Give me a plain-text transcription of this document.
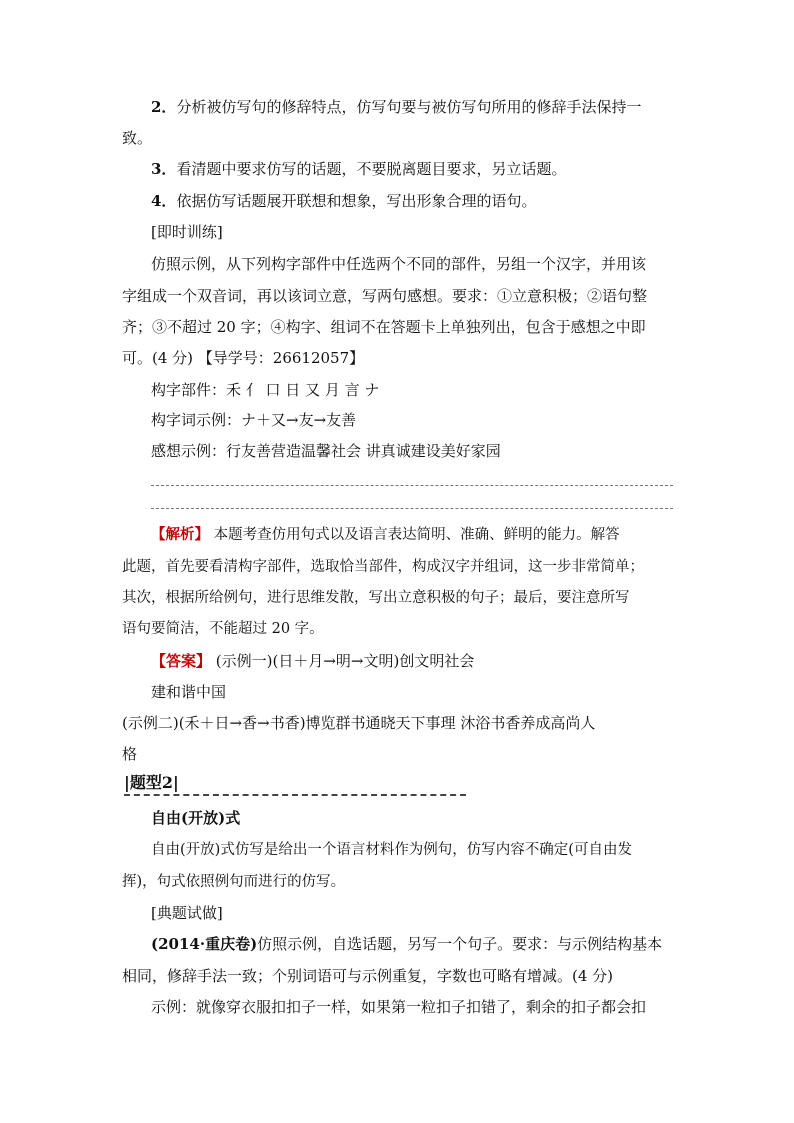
2．分析被仿写句的修辞特点，仿写句要与被仿写句所用的修辞手法保持一
致。
3．看清题中要求仿写的话题，不要脱离题目要求，另立话题。
4．依据仿写话题展开联想和想象，写出形象合理的语句。
[即时训练]
仿照示例，从下列构字部件中任选两个不同的部件，另组一个汉字，并用该
字组成一个双音词，再以该词立意，写两句感想。要求：①立意积极；②语句整
齐；③不超过 20 字；④构字、组词不在答题卡上单独列出，包含于感想之中即
可。(4 分) 【导学号：26612057】
构字部件：禾 亻 口 日 又 月 言 ナ
构字词示例：ナ＋又→友→友善
感想示例：行友善营造温馨社会 讲真诚建设美好家园
【解析】 本题考查仿用句式以及语言表达简明、准确、鲜明的能力。解答
此题，首先要看清构字部件，选取恰当部件，构成汉字并组词，这一步非常简单；
其次，根据所给例句，进行思维发散，写出立意积极的句子；最后，要注意所写
语句要简洁，不能超过 20 字。
【答案】 (示例一)(日＋月→明→文明)创文明社会
建和谐中国
(示例二)(禾＋日→香→书香)博览群书通晓天下事理 沐浴书香养成高尚人
格
|题型2|
自由(开放)式
自由(开放)式仿写是给出一个语言材料作为例句，仿写内容不确定(可自由发
挥)，句式依照例句而进行的仿写。
[典题试做]
(2014·重庆卷)仿照示例，自选话题，另写一个句子。要求：与示例结构基本
相同，修辞手法一致；个别词语可与示例重复，字数也可略有增减。(4 分)
示例：就像穿衣服扣扣子一样，如果第一粒扣子扣错了，剩余的扣子都会扣
